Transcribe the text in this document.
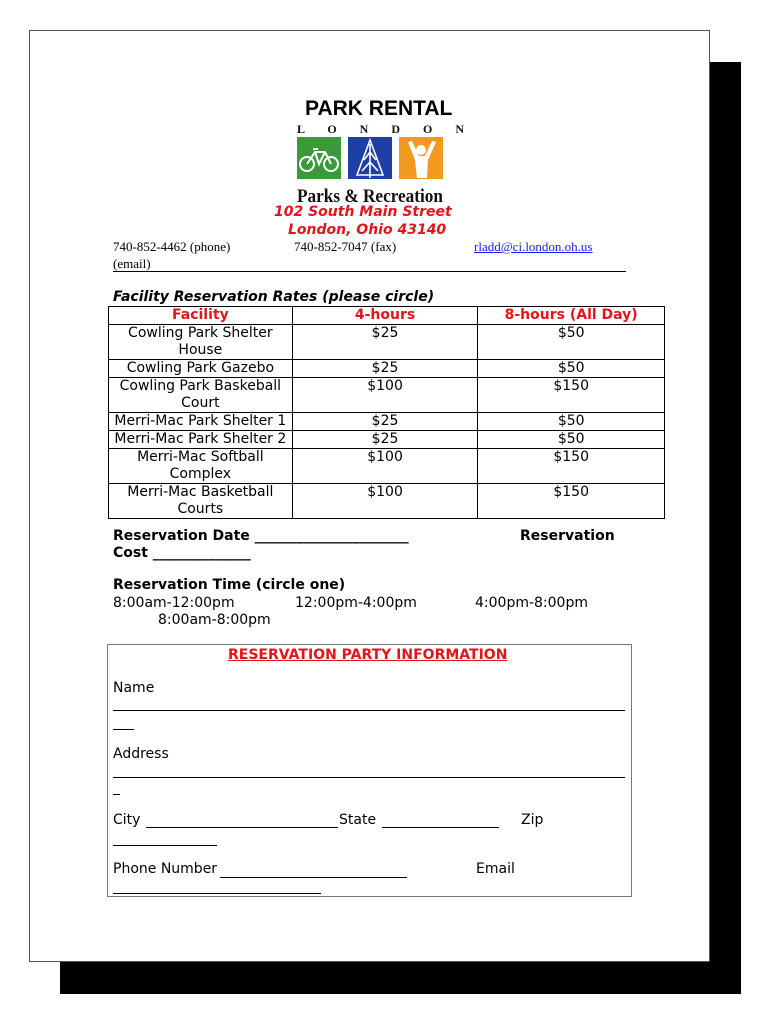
PARK RENTAL
L O N D O N
Parks & Recreation
102 South Main Street
London, Ohio 43140
740-852-4462 (phone)	740-852-7047 (fax)	rladd@ci.london.oh.us
(email)
Facility Reservation Rates (please circle)
Facility	4-hours	8-hours (All Day)
Cowling Park Shelter House	$25	$50
Cowling Park Gazebo	$25	$50
Cowling Park Baskeball Court	$100	$150
Merri-Mac Park Shelter 1	$25	$50
Merri-Mac Park Shelter 2	$25	$50
Merri-Mac Softball Complex	$100	$150
Merri-Mac Basketball Courts	$100	$150
Reservation Date ______________________	Reservation
Cost ______________
Reservation Time (circle one)
8:00am-12:00pm	12:00pm-4:00pm	4:00pm-8:00pm
8:00am-8:00pm
RESERVATION PARTY INFORMATION
Name
Address
City	State	Zip
Phone Number	Email
